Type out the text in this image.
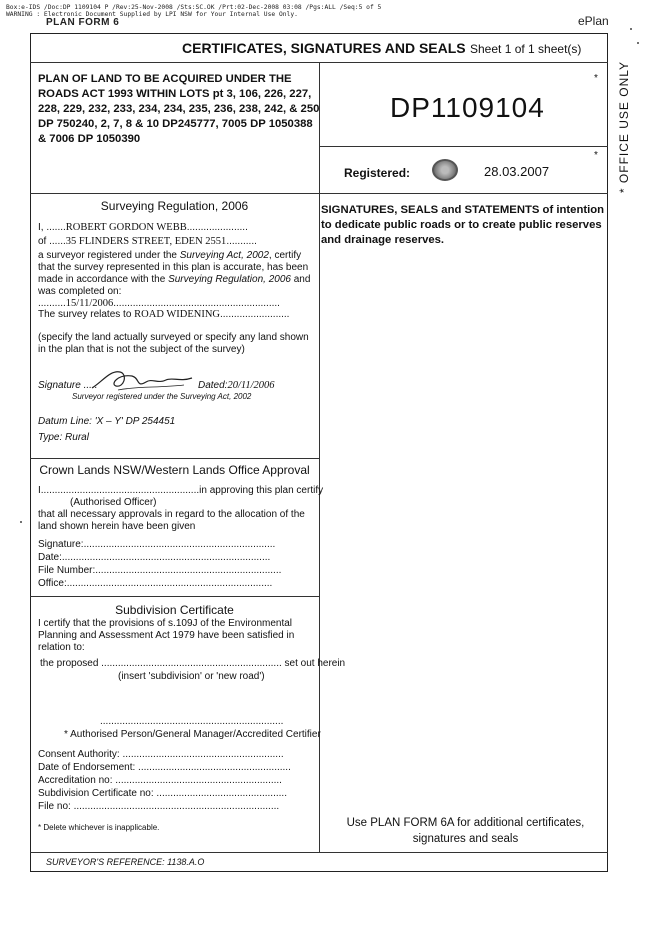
Box:e-IDS /Doc:DP 1109104 P /Rev:25-Nov-2008 /Sts:SC.OK /Prt:02-Dec-2008 03:08 /Pgs:ALL /Seq:5 of 5
WARNING : Electronic Document Supplied by LPI NSW for Your Internal Use Only.
PLAN FORM 6	ePlan
CERTIFICATES, SIGNATURES AND SEALS Sheet 1 of 1 sheet(s)
PLAN OF LAND TO BE ACQUIRED UNDER THE ROADS ACT 1993 WITHIN LOTS pt 3, 106, 226, 227, 228, 229, 232, 233, 234, 234, 235, 236, 238, 242, & 250 DP 750240, 2, 7, 8 & 10 DP245777, 7005 DP 1050388 & 7006 DP 1050390
*
DP1109104
*
Registered:	28.03.2007	* OFFICE USE ONLY
SIGNATURES, SEALS and STATEMENTS of intention to dedicate public roads or to create public reserves and drainage reserves.
Use PLAN FORM 6A for additional certificates, signatures and seals
Surveying Regulation, 2006
I, .......ROBERT GORDON WEBB......................
of ......35 FLINDERS STREET, EDEN 2551...........
a surveyor registered under the Surveying Act, 2002, certify that the survey represented in this plan is accurate, has been made in accordance with the Surveying Regulation, 2006 and was completed on: ..........15/11/2006............................................................
The survey relates to ROAD WIDENING.........................
(specify the land actually surveyed or specify any land shown in the plan that is not the subject of the survey)
Signature .....	Dated:20/11/2006
Surveyor registered under the Surveying Act, 2002
Datum Line: 'X – Y' DP 254451
Type: Rural
Crown Lands NSW/Western Lands Office Approval
I.........................................................in approving this plan certify
(Authorised Officer)
that all necessary approvals in regard to the allocation of the land shown herein have been given
Signature:.....................................................................
Date:...........................................................................
File Number:...................................................................
Office:..........................................................................
Subdivision Certificate
I certify that the provisions of s.109J of the Environmental Planning and Assessment Act 1979 have been satisfied in relation to:
the proposed ................................................................. set out herein
(insert 'subdivision' or 'new road')
..................................................................
* Authorised Person/General Manager/Accredited Certifier
Consent Authority: ..........................................................
Date of Endorsement: .......................................................
Accreditation no: ............................................................
Subdivision Certificate no: ...............................................
File no: ..........................................................................
* Delete whichever is inapplicable.
SURVEYOR'S REFERENCE: 1138.A.O
